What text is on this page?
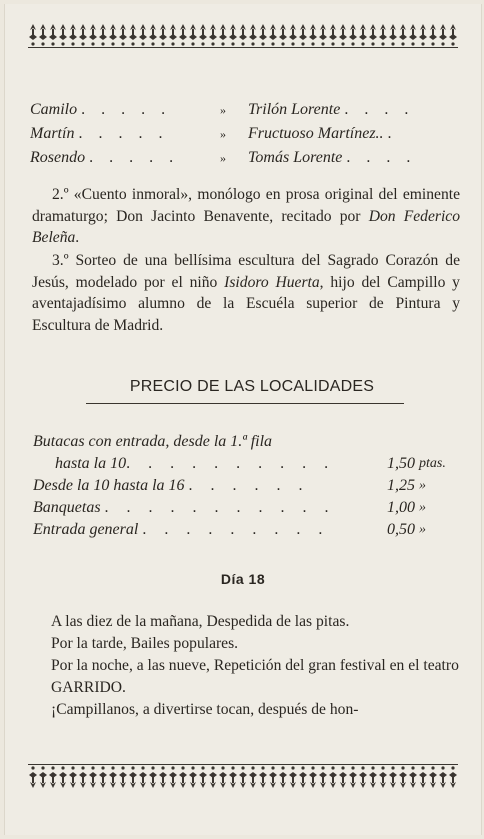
Camilo . . . . .	»	Trilón Lorente . . . .
Martín . . . . .	»	Fructuoso Martínez.. .
Rosendo . . . . .	»	Tomás Lorente . . . .
2.º «Cuento inmoral», monólogo en prosa original del eminente dramaturgo; Don Jacinto Benavente, recitado por Don Federico Beleña.
3.º Sorteo de una bellísima escultura del Sagrado Corazón de Jesús, modelado por el niño Isidoro Huerta, hijo del Campillo y aventajadísimo alumno de la Escuéla superior de Pintura y Escultura de Madrid.
PRECIO DE LAS LOCALIDADES
Butacas con entrada, desde la 1.ª fila
hasta la 10. . . . . . . . . .	1,50 ptas.
Desde la 10 hasta la 16 . . . . . .	1,25 »
Banquetas . . . . . . . . . . .	1,00 »
Entrada general . . . . . . . . .	0,50 »
Día 18

A las diez de la mañana, Despedida de las pitas.

Por la tarde, Bailes populares.

Por la noche, a las nueve, Repetición del gran festival en el teatro GARRIDO.

¡Campillanos, a divertirse tocan, después de hon-
